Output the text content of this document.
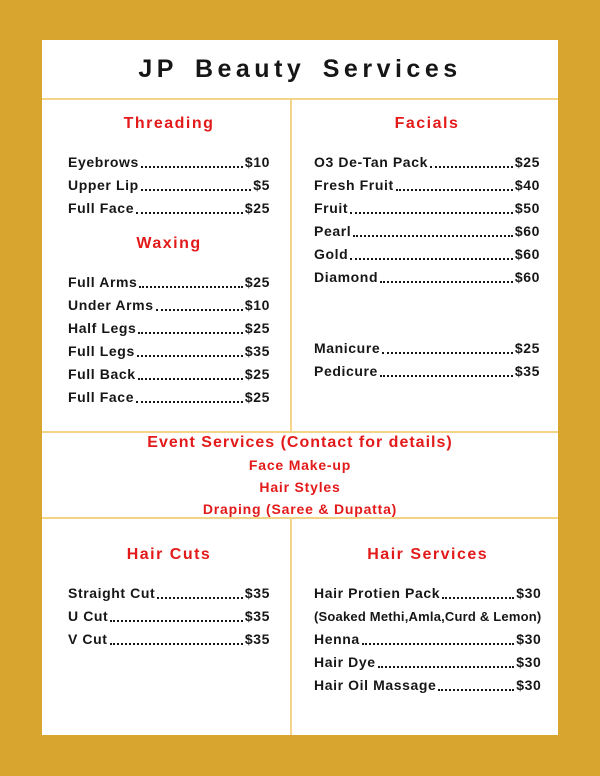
JP Beauty Services
Threading
Eyebrows	$10
Upper Lip	$5
Full Face	$25
Waxing
Full Arms	$25
Under Arms	$10
Half Legs	$25
Full Legs	$35
Full Back	$25
Full Face	$25
Facials
O3 De-Tan Pack	$25
Fresh Fruit	$40
Fruit	$50
Pearl	$60
Gold	$60
Diamond	$60
Manicure	$25
Pedicure	$35
Event Services (Contact for details)
Face Make-up
Hair Styles
Draping (Saree & Dupatta)
Hair Cuts
Straight Cut	$35
U Cut	$35
V Cut	$35
Hair Services
Hair Protien Pack	$30
(Soaked Methi,Amla,Curd & Lemon)
Henna	$30
Hair Dye	$30
Hair Oil Massage	$30
